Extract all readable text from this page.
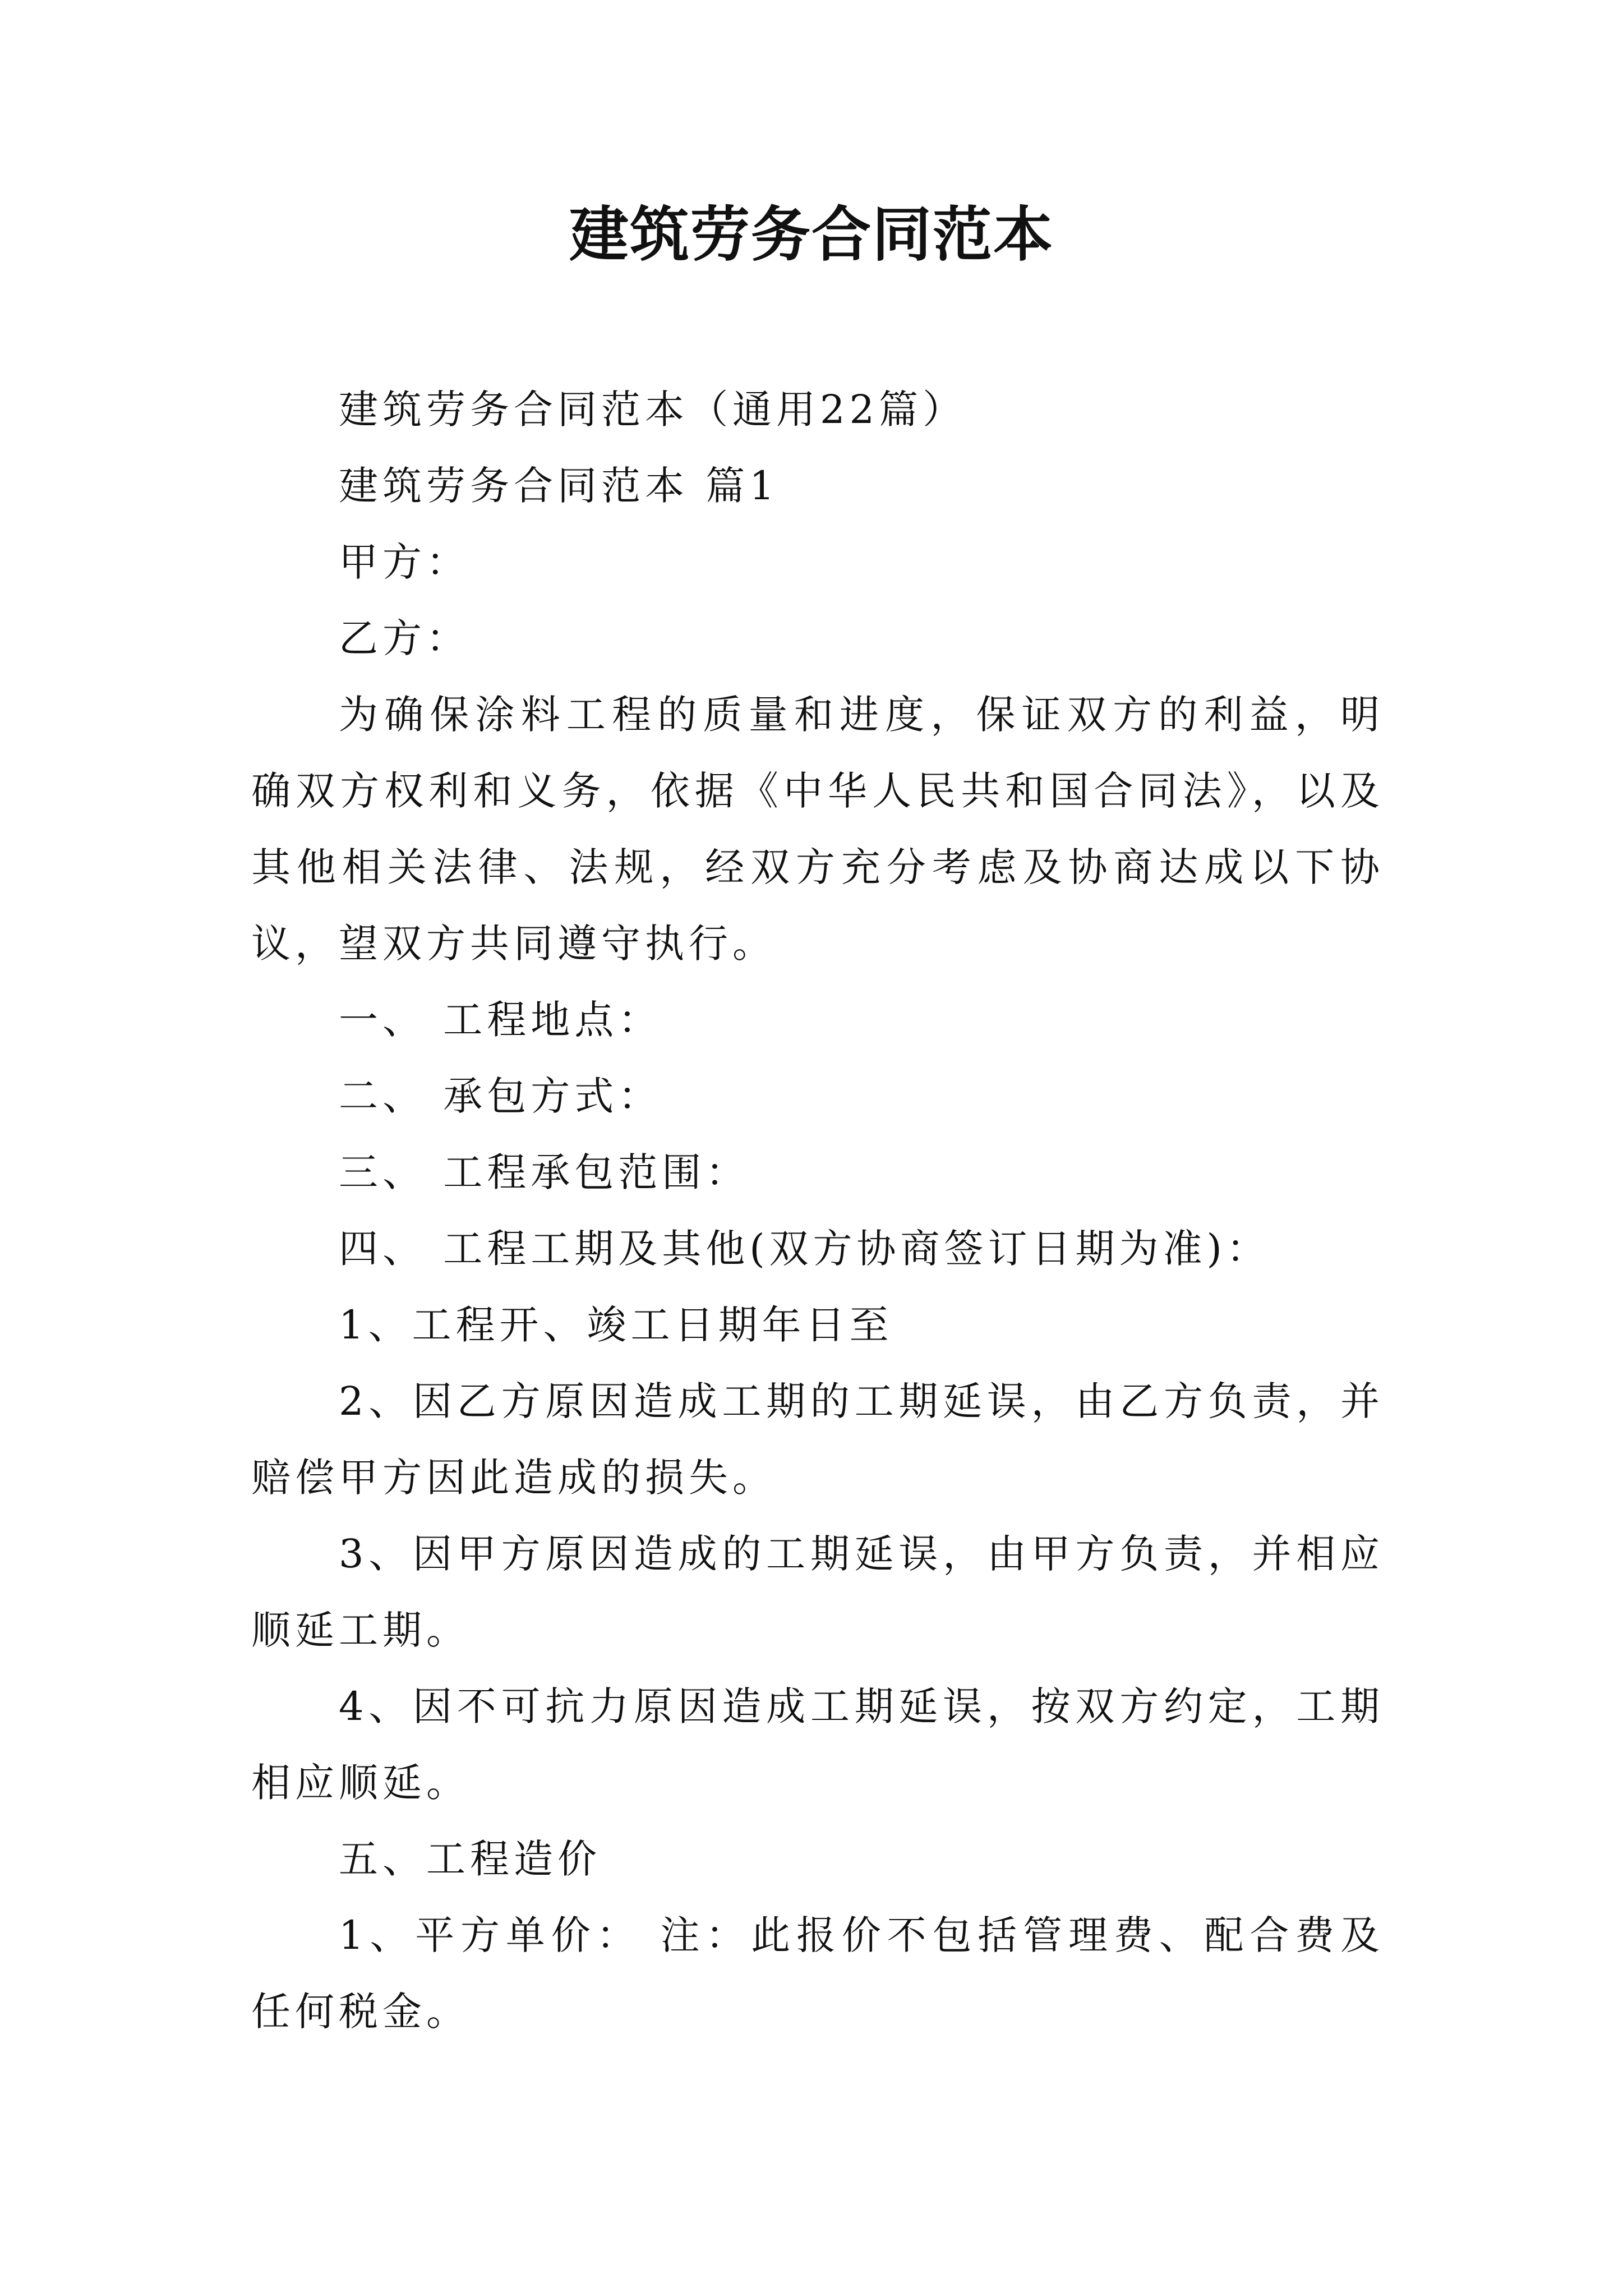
建筑劳务合同范本

建筑劳务合同范本（通用22篇）

建筑劳务合同范本 篇1

甲方：

乙方：

为确保涂料工程的质量和进度，保证双方的利益，明确双方权利和义务，依据《中华人民共和国合同法》，以及其他相关法律、法规，经双方充分考虑及协商达成以下协议，望双方共同遵守执行。

一、 工程地点：

二、 承包方式：

三、 工程承包范围：

四、 工程工期及其他(双方协商签订日期为准)：

1、工程开、竣工日期年日至

2、因乙方原因造成工期的工期延误，由乙方负责，并赔偿甲方因此造成的损失。

3、因甲方原因造成的工期延误，由甲方负责，并相应顺延工期。

4、因不可抗力原因造成工期延误，按双方约定，工期相应顺延。

五、工程造价

1、平方单价： 注：此报价不包括管理费、配合费及任何税金。
